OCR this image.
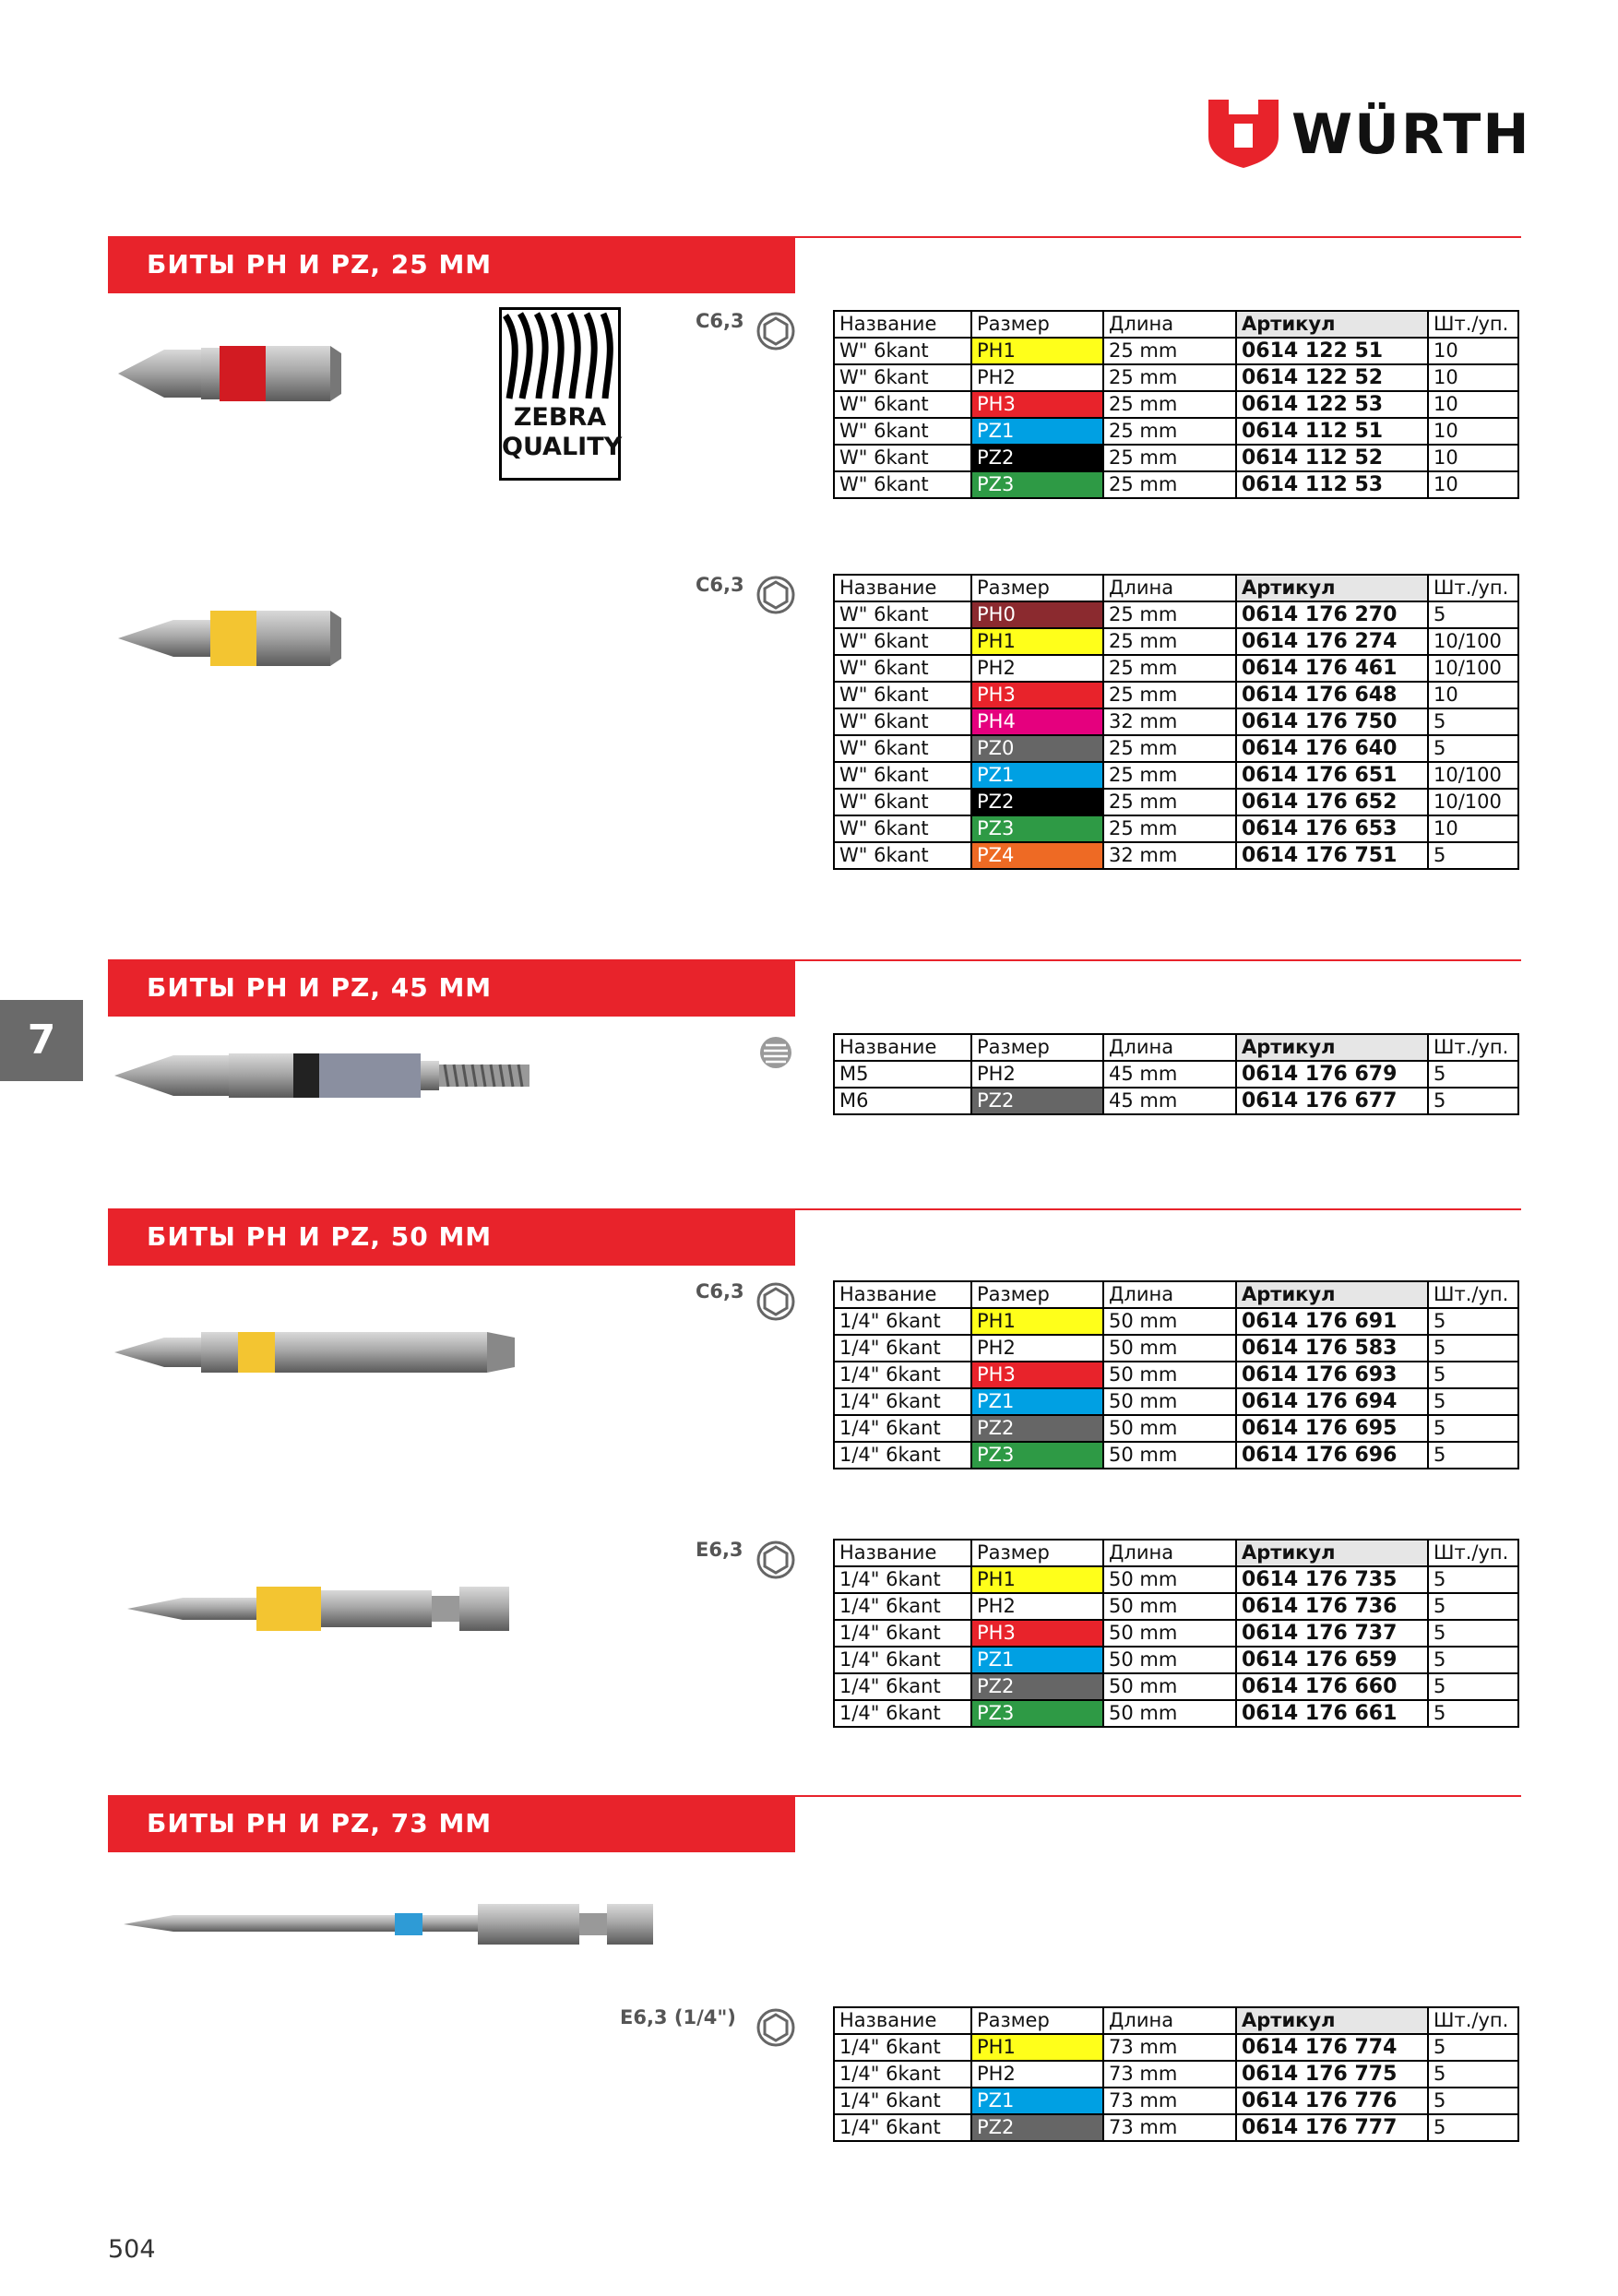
WÜRTH
7
БИТЫ PH И PZ, 25 MM
ZEBRA
QUALITY
C6,3	Название	Размер	Длина	Артикул	Шт./уп.
W" 6kant	PH1	25 mm	0614 122 51	10
W" 6kant	PH2	25 mm	0614 122 52	10
W" 6kant	PH3	25 mm	0614 122 53	10
W" 6kant	PZ1	25 mm	0614 112 51	10
W" 6kant	PZ2	25 mm	0614 112 52	10
W" 6kant	PZ3	25 mm	0614 112 53	10
C6,3	Название	Размер	Длина	Артикул	Шт./уп.
W" 6kant	PH0	25 mm	0614 176 270	5
W" 6kant	PH1	25 mm	0614 176 274	10/100
W" 6kant	PH2	25 mm	0614 176 461	10/100
W" 6kant	PH3	25 mm	0614 176 648	10
W" 6kant	PH4	32 mm	0614 176 750	5
W" 6kant	PZ0	25 mm	0614 176 640	5
W" 6kant	PZ1	25 mm	0614 176 651	10/100
W" 6kant	PZ2	25 mm	0614 176 652	10/100
W" 6kant	PZ3	25 mm	0614 176 653	10
W" 6kant	PZ4	32 mm	0614 176 751	5
БИТЫ PH И PZ, 45 MM
Название	Размер	Длина	Артикул	Шт./уп.
M5	PH2	45 mm	0614 176 679	5
M6	PZ2	45 mm	0614 176 677	5
БИТЫ PH И PZ, 50 MM
C6,3	Название	Размер	Длина	Артикул	Шт./уп.
1/4" 6kant	PH1	50 mm	0614 176 691	5
1/4" 6kant	PH2	50 mm	0614 176 583	5
1/4" 6kant	PH3	50 mm	0614 176 693	5
1/4" 6kant	PZ1	50 mm	0614 176 694	5
1/4" 6kant	PZ2	50 mm	0614 176 695	5
1/4" 6kant	PZ3	50 mm	0614 176 696	5
E6,3	Название	Размер	Длина	Артикул	Шт./уп.
1/4" 6kant	PH1	50 mm	0614 176 735	5
1/4" 6kant	PH2	50 mm	0614 176 736	5
1/4" 6kant	PH3	50 mm	0614 176 737	5
1/4" 6kant	PZ1	50 mm	0614 176 659	5
1/4" 6kant	PZ2	50 mm	0614 176 660	5
1/4" 6kant	PZ3	50 mm	0614 176 661	5
БИТЫ PH И PZ, 73 MM
E6,3 (1/4")	Название	Размер	Длина	Артикул	Шт./уп.
1/4" 6kant	PH1	73 mm	0614 176 774	5
1/4" 6kant	PH2	73 mm	0614 176 775	5
1/4" 6kant	PZ1	73 mm	0614 176 776	5
1/4" 6kant	PZ2	73 mm	0614 176 777	5
504
